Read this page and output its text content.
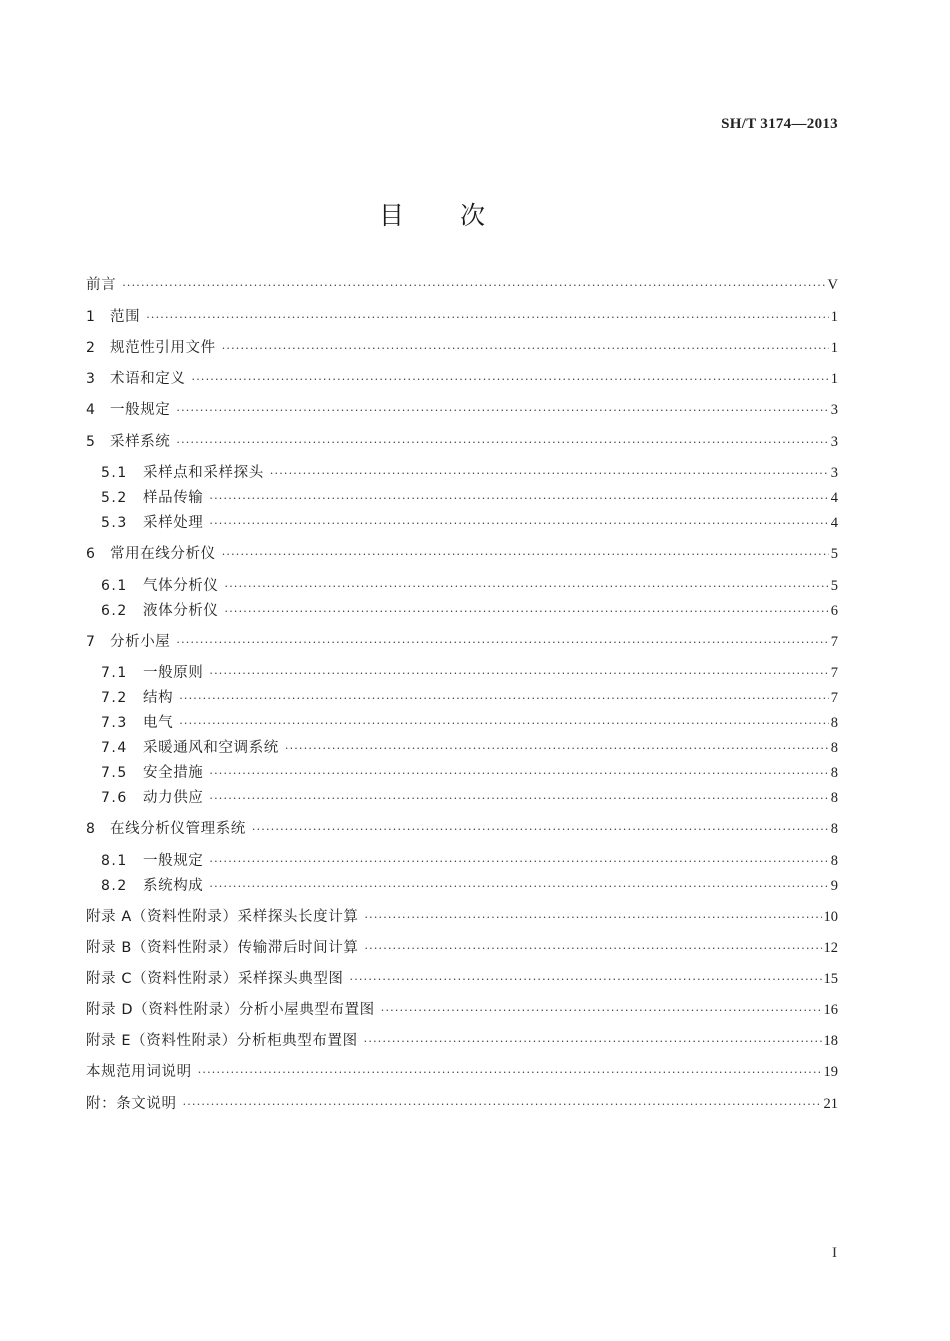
SH/T 3174—2013
目次
前言 ·····	V
1	范围 ·····	1
2	规范性引用文件 ·····	1
3	术语和定义 ·····	1
4	一般规定 ·····	3
5	采样系统 ·····	3
5.1	采样点和采样探头 ·····	3
5.2	样品传输 ·····	4
5.3	采样处理 ·····	4
6	常用在线分析仪 ·····	5
6.1	气体分析仪 ·····	5
6.2	液体分析仪 ·····	6
7	分析小屋 ·····	7
7.1	一般原则 ·····	7
7.2	结构 ·····	7
7.3	电气 ·····	8
7.4	采暖通风和空调系统 ·····	8
7.5	安全措施 ·····	8
7.6	动力供应 ·····	8
8	在线分析仪管理系统 ·····	8
8.1	一般规定 ·····	8
8.2	系统构成 ·····	9
附录 A（资料性附录）采样探头长度计算 ·····	10
附录 B（资料性附录）传输滞后时间计算 ·····	12
附录 C（资料性附录）采样探头典型图 ·····	15
附录 D（资料性附录）分析小屋典型布置图 ·····	16
附录 E（资料性附录）分析柜典型布置图 ·····	18
本规范用词说明 ·····	19
附：条文说明 ·····	21
I
